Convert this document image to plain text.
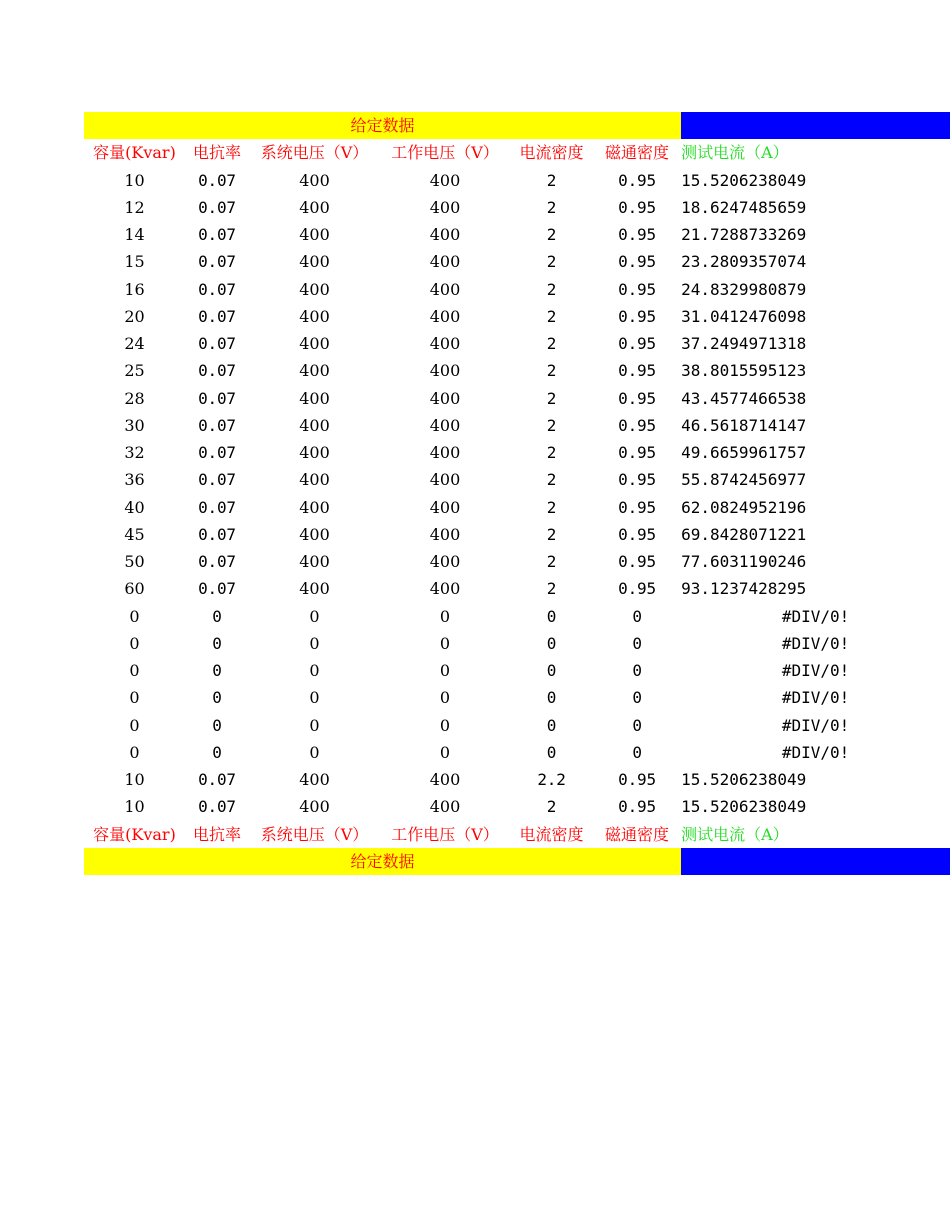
给定数据						
容量(Kvar)	电抗率	系统电压（V）	工作电压（V）	电流密度	磁通密度	测试电流（A）
10	0.07	400	400	2	0.95	15.5206238049
12	0.07	400	400	2	0.95	18.6247485659
14	0.07	400	400	2	0.95	21.7288733269
15	0.07	400	400	2	0.95	23.2809357074
16	0.07	400	400	2	0.95	24.8329980879
20	0.07	400	400	2	0.95	31.0412476098
24	0.07	400	400	2	0.95	37.2494971318
25	0.07	400	400	2	0.95	38.8015595123
28	0.07	400	400	2	0.95	43.4577466538
30	0.07	400	400	2	0.95	46.5618714147
32	0.07	400	400	2	0.95	49.6659961757
36	0.07	400	400	2	0.95	55.8742456977
40	0.07	400	400	2	0.95	62.0824952196
45	0.07	400	400	2	0.95	69.8428071221
50	0.07	400	400	2	0.95	77.6031190246
60	0.07	400	400	2	0.95	93.1237428295
0	0	0	0	0	0	#DIV/0!
0	0	0	0	0	0	#DIV/0!
0	0	0	0	0	0	#DIV/0!
0	0	0	0	0	0	#DIV/0!
0	0	0	0	0	0	#DIV/0!
0	0	0	0	0	0	#DIV/0!
10	0.07	400	400	2.2	0.95	15.5206238049
10	0.07	400	400	2	0.95	15.5206238049
容量(Kvar)	电抗率	系统电压（V）	工作电压（V）	电流密度	磁通密度	测试电流（A）
给定数据						
